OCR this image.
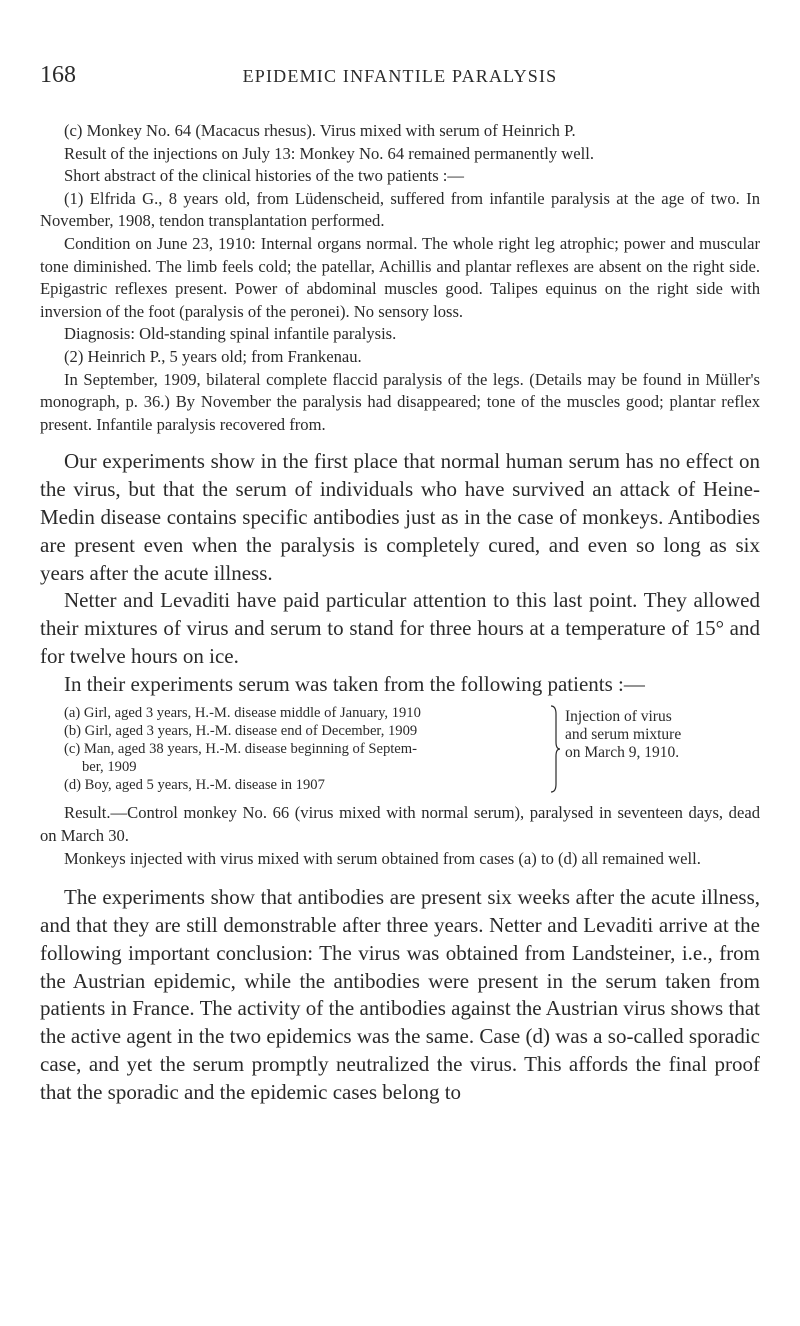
168	EPIDEMIC INFANTILE PARALYSIS

(c) Monkey No. 64 (Macacus rhesus). Virus mixed with serum of Heinrich P.

Result of the injections on July 13: Monkey No. 64 remained permanently well.

Short abstract of the clinical histories of the two patients :—

(1) Elfrida G., 8 years old, from Lüdenscheid, suffered from infantile paralysis at the age of two. In November, 1908, tendon transplantation performed.

Condition on June 23, 1910: Internal organs normal. The whole right leg atrophic; power and muscular tone diminished. The limb feels cold; the patellar, Achillis and plantar reflexes are absent on the right side. Epigastric reflexes present. Power of abdominal muscles good. Talipes equinus on the right side with inversion of the foot (paralysis of the peronei). No sensory loss.

Diagnosis: Old-standing spinal infantile paralysis.

(2) Heinrich P., 5 years old; from Frankenau.

In September, 1909, bilateral complete flaccid paralysis of the legs. (Details may be found in Müller's monograph, p. 36.) By November the paralysis had disappeared; tone of the muscles good; plantar reflex present. Infantile paralysis recovered from.

Our experiments show in the first place that normal human serum has no effect on the virus, but that the serum of individuals who have survived an attack of Heine-Medin disease contains specific antibodies just as in the case of monkeys. Antibodies are present even when the paralysis is completely cured, and even so long as six years after the acute illness.

Netter and Levaditi have paid particular attention to this last point. They allowed their mixtures of virus and serum to stand for three hours at a temperature of 15° and for twelve hours on ice.

In their experiments serum was taken from the following patients :—

(a) Girl, aged 3 years, H.-M. disease middle of January, 1910
(b) Girl, aged 3 years, H.-M. disease end of December, 1909
(c) Man, aged 38 years, H.-M. disease beginning of Septem-
ber, 1909
(d) Boy, aged 5 years, H.-M. disease in 1907
Injection of virus and serum mixture on March 9, 1910.

Result.—Control monkey No. 66 (virus mixed with normal serum), paralysed in seventeen days, dead on March 30.

Monkeys injected with virus mixed with serum obtained from cases (a) to (d) all remained well.

The experiments show that antibodies are present six weeks after the acute illness, and that they are still demonstrable after three years. Netter and Levaditi arrive at the following important conclusion: The virus was obtained from Landsteiner, i.e., from the Austrian epidemic, while the antibodies were present in the serum taken from patients in France. The activity of the antibodies against the Austrian virus shows that the active agent in the two epidemics was the same. Case (d) was a so-called sporadic case, and yet the serum promptly neutralized the virus. This affords the final proof that the sporadic and the epidemic cases belong to
